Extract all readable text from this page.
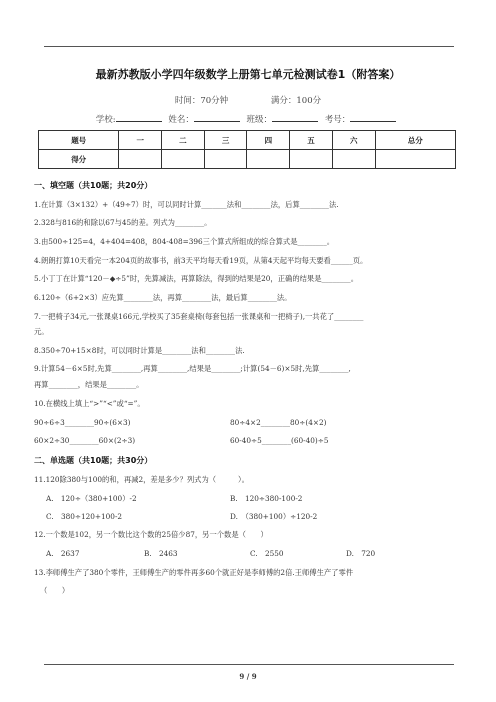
最新苏教版小学四年级数学上册第七单元检测试卷1（附答案）
时间：70分钟	满分：100分
学校:	姓名：	班级：	考号：
题号	一	二	三	四	五	六	总分
得分							
一、填空题（共10题；共20分）
1.在计算（3×132）+（49÷7）时，可以同时计算_______法和________法，后算________法.
2.328与816的和除以67与45的差。列式为________。
3.由500÷125=4，4+404=408，804-408=396三个算式所组成的综合算式是________。
4.朗朗打算10天看完一本204页的故事书，前3天平均每天看19页，从第4天起平均每天要看______页。
5.小丁丁在计算“120－◆÷5”时，先算减法，再算除法，得到的结果是20，正确的结果是________。
6.120÷（6+2×3）应先算________法，再算________法，最后算________法。
7.一把椅子34元,一张课桌166元,学校买了35套桌椅(每套包括一张课桌和一把椅子),一共花了________
元。
8.350÷70+15×8时，可以同时计算是________法和________法.
9.计算54－6×5时,先算________,再算________,结果是________;计算(54－6)×5时,先算________,
再算________，结果是________。
10.在横线上填上“>”“<”或“=”。
90÷6÷3________90÷(6×3)	80÷4×2________80÷(4×2)
60×2÷30________60×(2÷3)	60-40÷5________(60-40)÷5
二、单选题（共10题；共30分）
11.120除380与100的和，再减2，差是多少？列式为（　　　）。
A.　120÷（380+100）-2	B.　120÷380-100-2
C.　380÷120+100-2	D.　（380+100）÷120-2
12.一个数是102，另一个数比这个数的25倍少87，另一个数是（　　）
A.　2637	B.　2463	C.　2550	D.　720
13.李师傅生产了380个零件，王师傅生产的零件再多60个就正好是李师傅的2倍.王师傅生产了零件
（　　）
9 / 9
